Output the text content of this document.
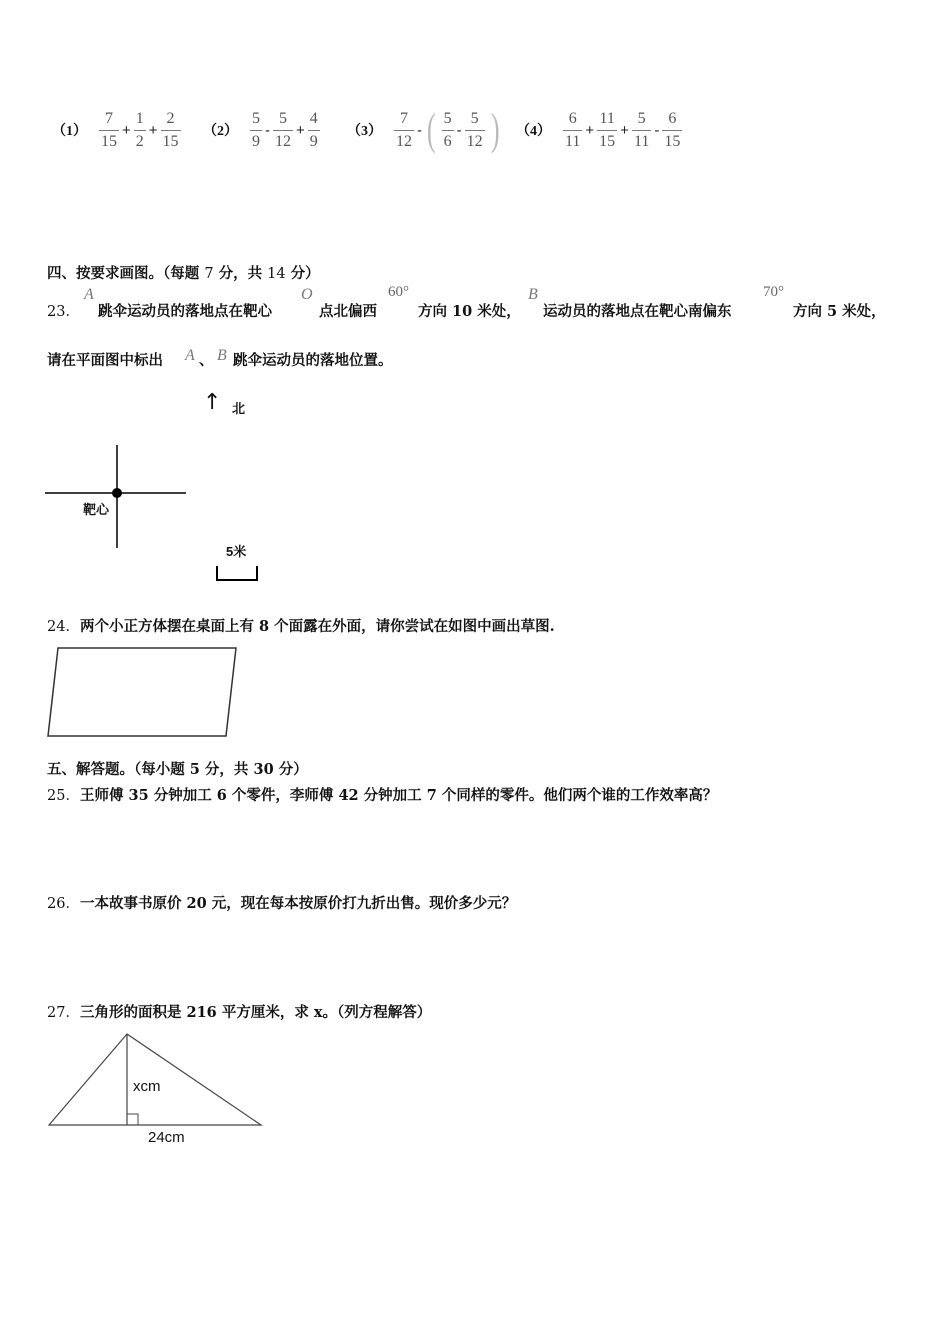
$(1) \frac{7}{15} + \frac{1}{2} + \frac{2}{15} (2) \frac{5}{9} - \frac{5}{12} + \frac{4}{9} (3) \frac{7}{12}$ - ( $\frac{5}{6} - \frac{5}{12}$ ) $(4) \frac{6}{11} + \frac{11}{15} + \frac{5}{11} - \frac{6}{15}$
四、按要求画图。（每题 7 分，共 14 分）
23．
A
跳伞运动员的落地点在靶心
O
点北偏西
60°
方向 10 米处，
B
运动员的落地点在靶心南偏东
70°
方向 5 米处，
请在平面图中标出 A 、 B 跳伞运动员的落地位置。
↑ 北
靶心
5米
24．两个小正方体摆在桌面上有 8 个面露在外面，请你尝试在如图中画出草图.
五、解答题。（每小题 5 分，共 30 分）
25．王师傅 35 分钟加工 6 个零件，李师傅 42 分钟加工 7 个同样的零件。他们两个谁的工作效率高？
26．一本故事书原价 20 元，现在每本按原价打九折出售。现价多少元？
27．三角形的面积是 216 平方厘米，求 x。（列方程解答）
xcm
24cm
